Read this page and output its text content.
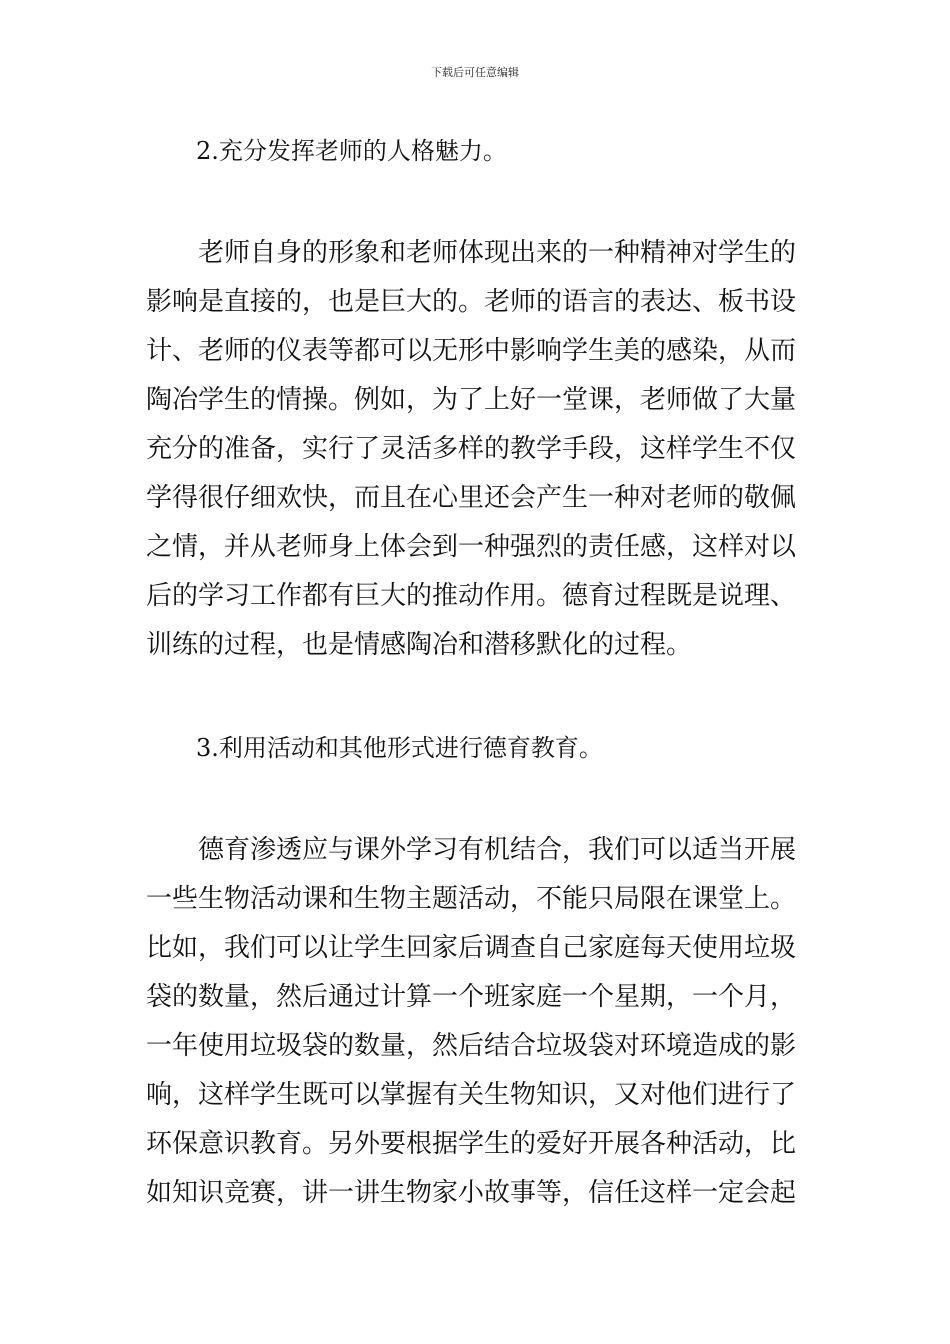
下载后可任意编辑
2.充分发挥老师的人格魅力。
老师自身的形象和老师体现出来的一种精神对学生的
影响是直接的，也是巨大的。老师的语言的表达、板书设
计、老师的仪表等都可以无形中影响学生美的感染，从而
陶冶学生的情操。例如，为了上好一堂课，老师做了大量
充分的准备，实行了灵活多样的教学手段，这样学生不仅
学得很仔细欢快，而且在心里还会产生一种对老师的敬佩
之情，并从老师身上体会到一种强烈的责任感，这样对以
后的学习工作都有巨大的推动作用。德育过程既是说理、
训练的过程，也是情感陶冶和潜移默化的过程。
3.利用活动和其他形式进行德育教育。
德育渗透应与课外学习有机结合，我们可以适当开展
一些生物活动课和生物主题活动，不能只局限在课堂上。
比如，我们可以让学生回家后调查自己家庭每天使用垃圾
袋的数量，然后通过计算一个班家庭一个星期，一个月，
一年使用垃圾袋的数量，然后结合垃圾袋对环境造成的影
响，这样学生既可以掌握有关生物知识，又对他们进行了
环保意识教育。另外要根据学生的爱好开展各种活动，比
如知识竞赛，讲一讲生物家小故事等，信任这样一定会起
